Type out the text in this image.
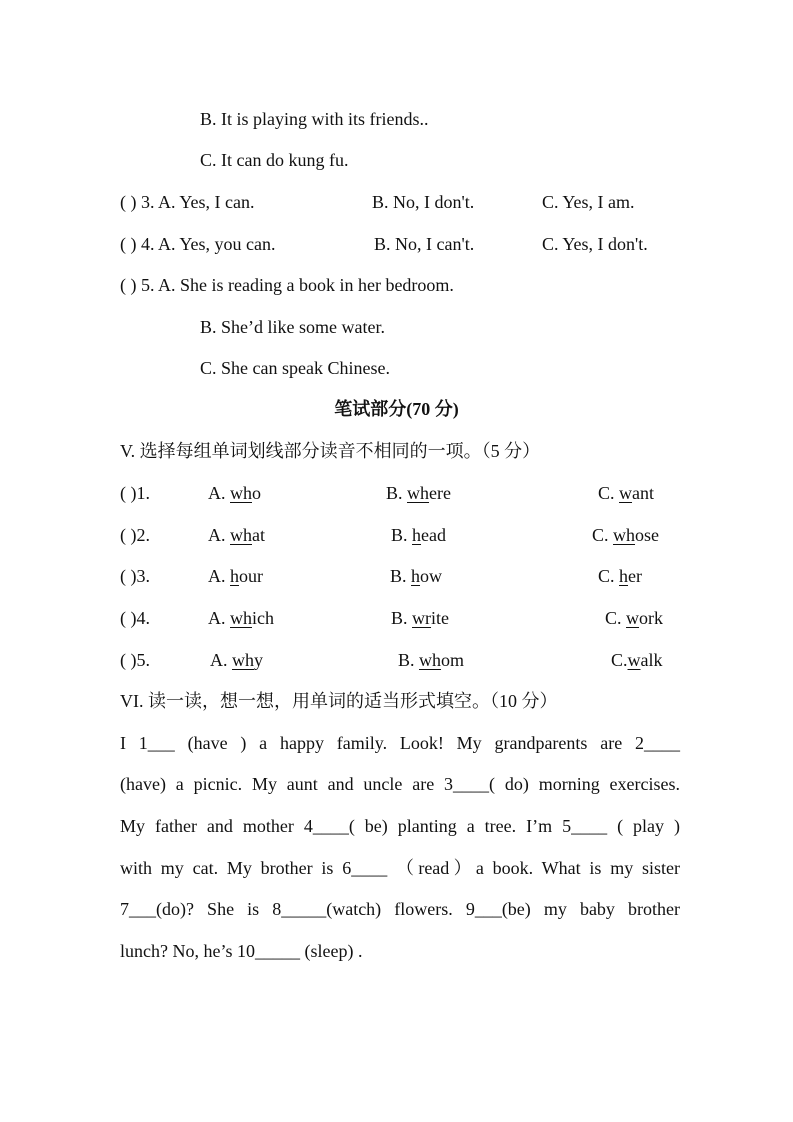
B. It is playing with its friends..
C. It can do kung fu.
( ) 3. A. Yes, I can.	B. No, I don't.	C. Yes, I am.
( ) 4. A. Yes, you can.	B. No, I can't.	C. Yes, I don't.
( ) 5. A. She is reading a book in her bedroom.
B. She’d like some water.
C. She can speak Chinese.
笔试部分(70 分)
V. 选择每组单词划线部分读音不相同的一项。（5 分）
( )1.	A. who	B. where	C. want
( )2.	A. what	B. head	C. whose
( )3.	A. hour	B. how	C. her
( )4.	A. which	B. write	C. work
( )5.	A. why	B. whom	C.walk
VI. 读一读，想一想，用单词的适当形式填空。（10 分）
I 1___ (have ) a happy family. Look! My grandparents are 2____
(have) a picnic. My aunt and uncle are 3____( do) morning exercises.
My father and mother 4____( be) planting a tree. I’m 5____ ( play )
with my cat. My brother is 6____ （read）a book. What is my sister
7___(do)? She is 8_____(watch) flowers. 9___(be) my baby brother
lunch? No, he’s 10_____ (sleep) .
